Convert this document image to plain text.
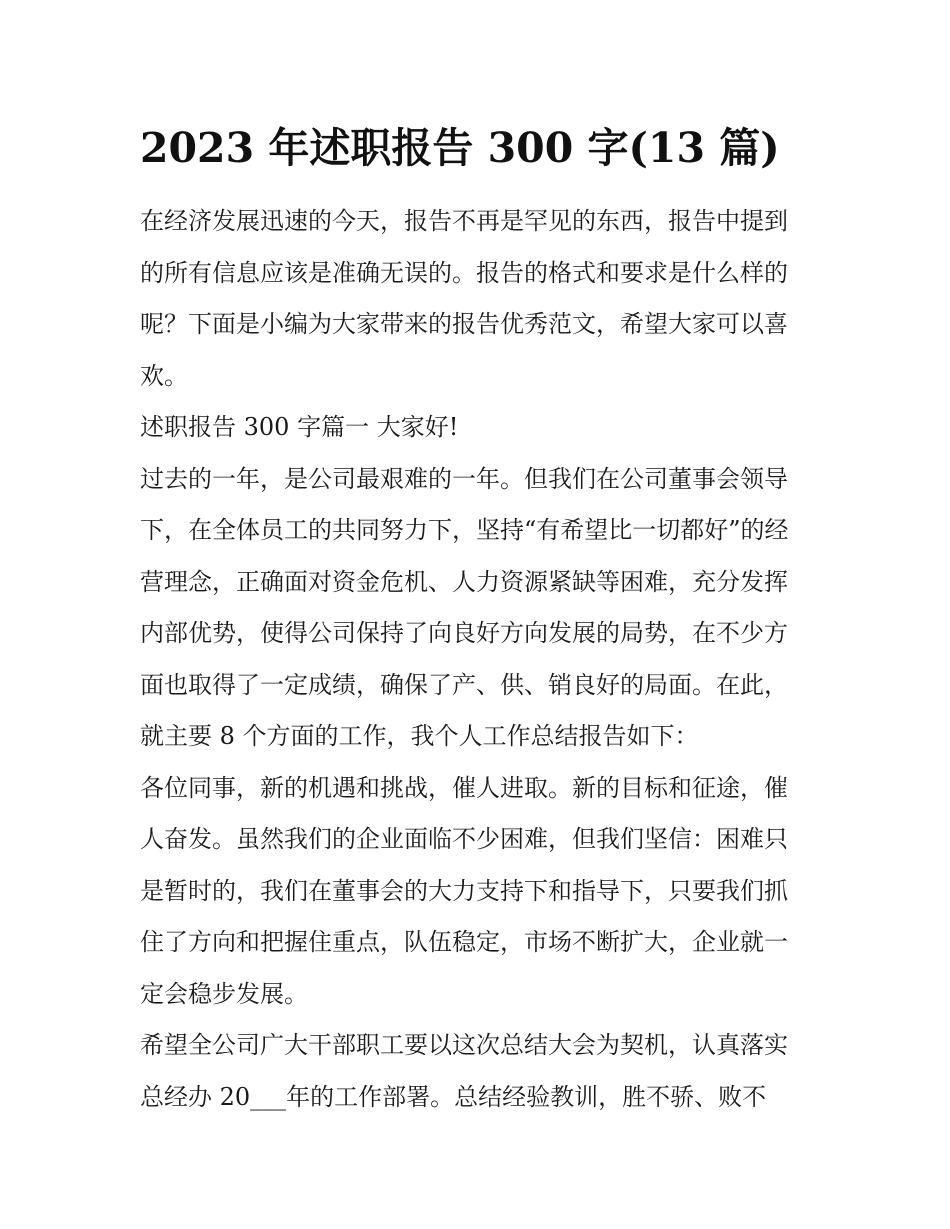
2023 年述职报告 300 字(13 篇)
在经济发展迅速的今天，报告不再是罕见的东西，报告中提到
的所有信息应该是准确无误的。报告的格式和要求是什么样的
呢？下面是小编为大家带来的报告优秀范文，希望大家可以喜
欢。
述职报告 300 字篇一 大家好!
过去的一年，是公司最艰难的一年。但我们在公司董事会领导
下，在全体员工的共同努力下，坚持“有希望比一切都好”的经
营理念，正确面对资金危机、人力资源紧缺等困难，充分发挥
内部优势，使得公司保持了向良好方向发展的局势，在不少方
面也取得了一定成绩，确保了产、供、销良好的局面。在此，
就主要 8 个方面的工作，我个人工作总结报告如下：
各位同事，新的机遇和挑战，催人进取。新的目标和征途，催
人奋发。虽然我们的企业面临不少困难，但我们坚信：困难只
是暂时的，我们在董事会的大力支持下和指导下，只要我们抓
住了方向和把握住重点，队伍稳定，市场不断扩大，企业就一
定会稳步发展。
希望全公司广大干部职工要以这次总结大会为契机，认真落实
总经办 20___年的工作部署。总结经验教训，胜不骄、败不
